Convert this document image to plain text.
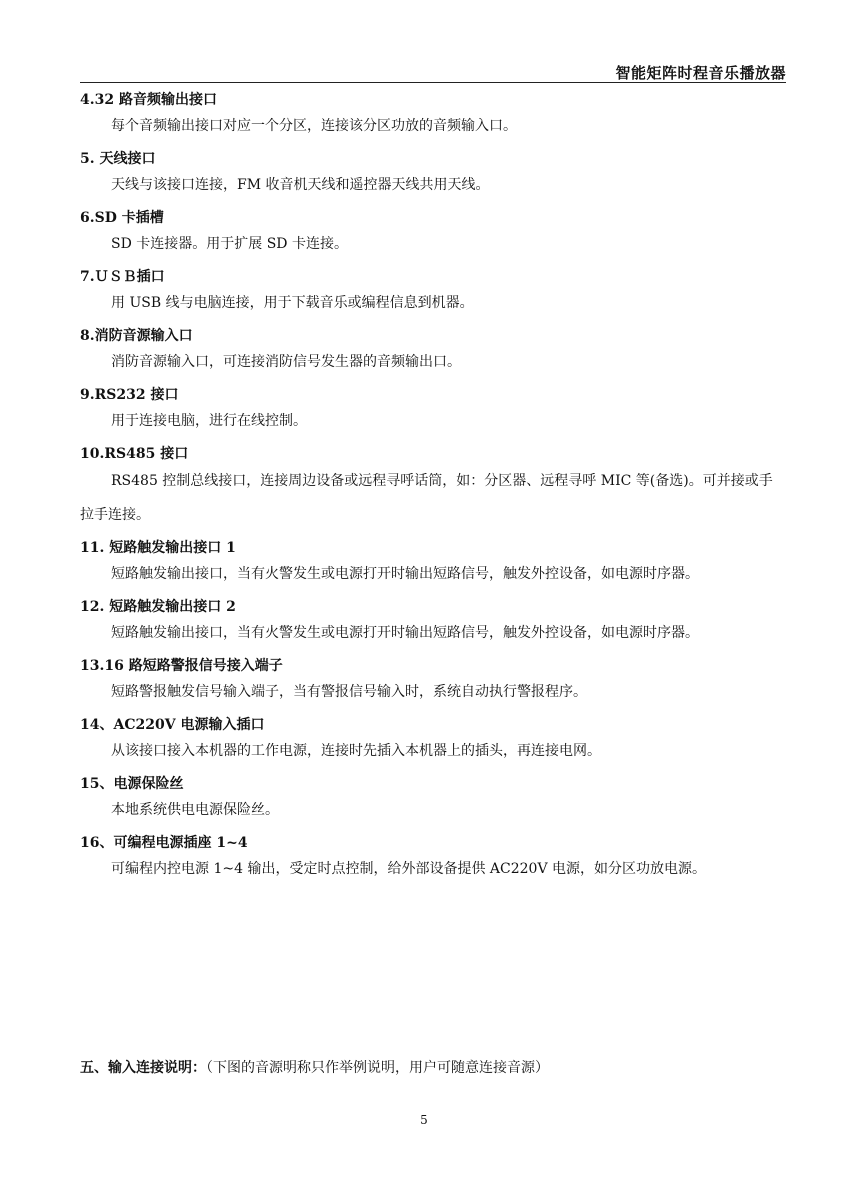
智能矩阵时程音乐播放器
4.32 路音频输出接口
每个音频输出接口对应一个分区，连接该分区功放的音频输入口。
5. 天线接口
天线与该接口连接，FM 收音机天线和遥控器天线共用天线。
6.SD 卡插槽
SD 卡连接器。用于扩展 SD 卡连接。
7.ＵＳＢ插口
用 USB 线与电脑连接，用于下载音乐或编程信息到机器。
8.消防音源输入口
消防音源输入口，可连接消防信号发生器的音频输出口。
9.RS232 接口
用于连接电脑，进行在线控制。
10.RS485 接口
RS485 控制总线接口，连接周边设备或远程寻呼话筒，如：分区器、远程寻呼 MIC 等(备选)。可并接或手拉手连接。
11. 短路触发输出接口 1
短路触发输出接口，当有火警发生或电源打开时输出短路信号，触发外控设备，如电源时序器。
12. 短路触发输出接口 2
短路触发输出接口，当有火警发生或电源打开时输出短路信号，触发外控设备，如电源时序器。
13.16 路短路警报信号接入端子
短路警报触发信号输入端子，当有警报信号输入时，系统自动执行警报程序。
14、AC220V 电源输入插口
从该接口接入本机器的工作电源，连接时先插入本机器上的插头，再连接电网。
15、电源保险丝
本地系统供电电源保险丝。
16、可编程电源插座 1~4
可编程内控电源 1~4 输出，受定时点控制，给外部设备提供 AC220V 电源，如分区功放电源。
五、输入连接说明：（下图的音源明称只作举例说明，用户可随意连接音源）
5
